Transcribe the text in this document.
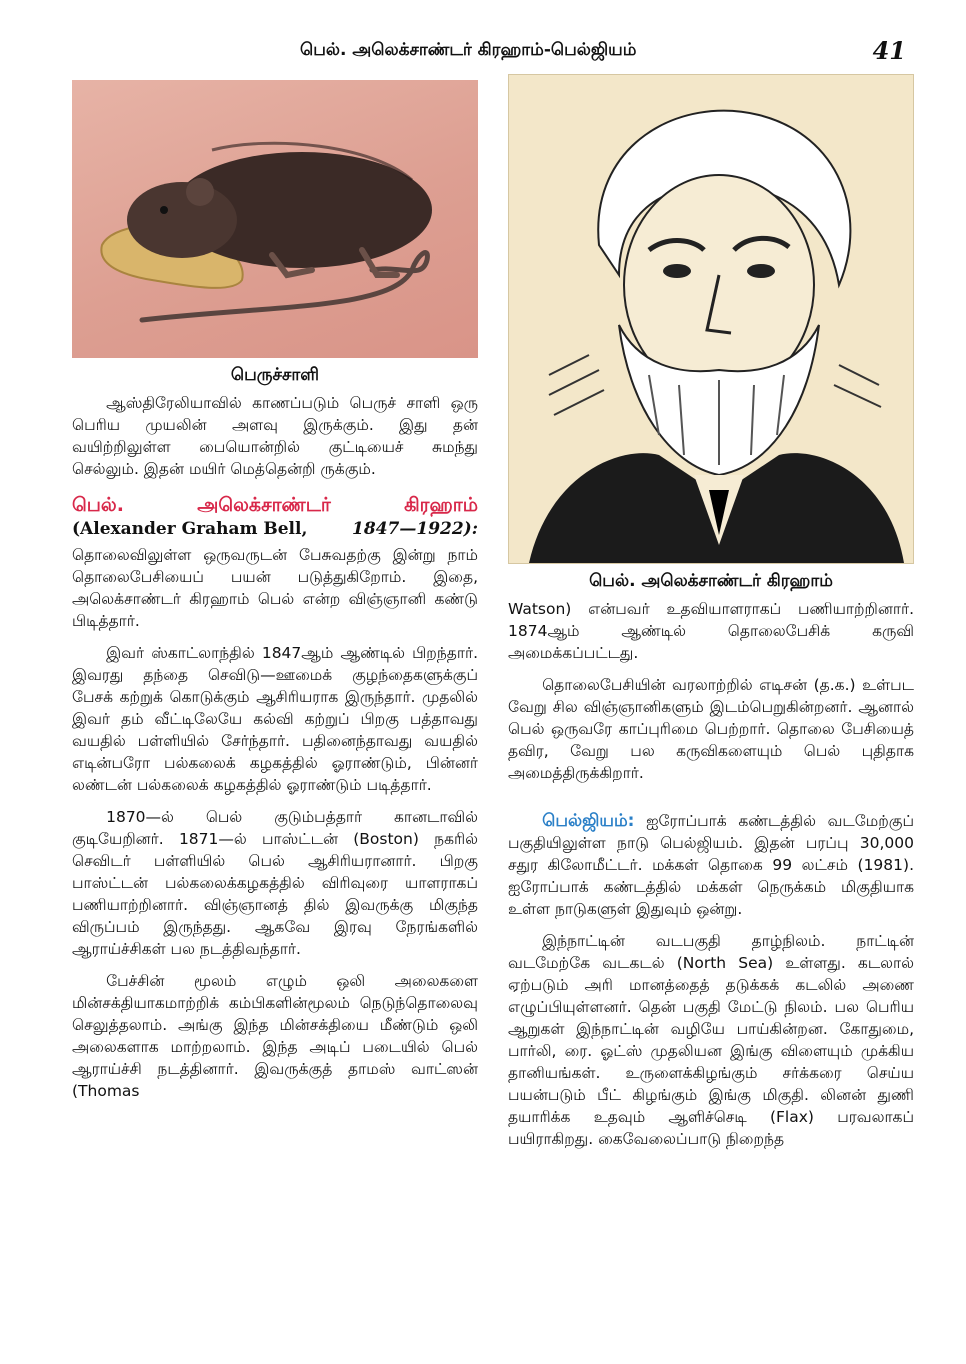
பெல். அலெக்சாண்டர் கிரஹாம்-பெல்ஜியம்	41
பெருச்சாளி

ஆஸ்திரேலியாவில் காணப்படும் பெருச் சாளி ஒரு பெரிய முயலின் அளவு இருக்கும். இது தன் வயிற்றிலுள்ள பையொன்றில் குட்டியைச் சுமந்து செல்லும். இதன் மயிர் மெத்தென்றி ருக்கும்.

பெல்.	அலெக்சாண்டர்	கிரஹாம்
(Alexander Graham Bell,	1847—1922):

தொலைவிலுள்ள ஒருவருடன் பேசுவதற்கு இன்று நாம் தொலைபேசியைப் பயன் படுத்துகிறோம். இதை, அலெக்சாண்டர் கிரஹாம் பெல் என்ற விஞ்ஞானி கண்டு பிடித்தார்.

இவர் ஸ்காட்லாந்தில் 1847ஆம் ஆண்டில் பிறந்தார். இவரது தந்தை செவிடு—ஊமைக் குழந்தைகளுக்குப் பேசக் கற்றுக் கொடுக்கும் ஆசிரியராக இருந்தார். முதலில் இவர் தம் வீட்டிலேயே கல்வி கற்றுப் பிறகு பத்தாவது வயதில் பள்ளியில் சேர்ந்தார். பதினைந்தாவது வயதில் எடின்பரோ பல்கலைக் கழகத்தில் ஓராண்டும், பின்னர் லண்டன் பல்கலைக் கழகத்தில் ஓராண்டும் படித்தார்.

1870—ல் பெல் குடும்பத்தார் கானடாவில் குடியேறினர். 1871—ல் பாஸ்ட்டன் (Boston) நகரில் செவிடர் பள்ளியில் பெல் ஆசிரியரானார். பிறகு பாஸ்ட்டன் பல்கலைக்கழகத்தில் விரிவுரை யாளராகப் பணியாற்றினார். விஞ்ஞானத் தில் இவருக்கு மிகுந்த விருப்பம் இருந்தது. ஆகவே இரவு நேரங்களில் ஆராய்ச்சிகள் பல நடத்திவந்தார்.

பேச்சின் மூலம் எழும் ஒலி அலைகளை மின்சக்தியாகமாற்றிக் கம்பிகளின்மூலம் நெடுந்தொலைவு செலுத்தலாம். அங்கு இந்த மின்சக்தியை மீண்டும் ஒலி அலைகளாக மாற்றலாம். இந்த அடிப் படையில் பெல் ஆராய்ச்சி நடத்தினார். இவருக்குத் தாமஸ் வாட்ஸன் (Thomas

பெல். அலெக்சாண்டர் கிரஹாம்

Watson) என்பவர் உதவியாளராகப் பணியாற்றினார். 1874ஆம் ஆண்டில் தொலைபேசிக் கருவி அமைக்கப்பட்டது.

தொலைபேசியின் வரலாற்றில் எடிசன் (த.க.) உள்பட வேறு சில விஞ்ஞானிகளும் இடம்பெறுகின்றனர். ஆனால் பெல் ஒருவரே காப்புரிமை பெற்றார். தொலை பேசியைத் தவிர, வேறு பல கருவிகளையும் பெல் புதிதாக அமைத்திருக்கிறார்.

பெல்ஜியம்: ஐரோப்பாக் கண்டத்தில் வடமேற்குப் பகுதியிலுள்ள நாடு பெல்ஜியம். இதன் பரப்பு 30,000 சதுர கிலோமீட்டர். மக்கள் தொகை 99 லட்சம் (1981). ஐரோப்பாக் கண்டத்தில் மக்கள் நெருக்கம் மிகுதியாக உள்ள நாடுகளுள் இதுவும் ஒன்று.

இந்நாட்டின் வடபகுதி தாழ்நிலம். நாட்டின் வடமேற்கே வடகடல் (North Sea) உள்ளது. கடலால் ஏற்படும் அரி மானத்தைத் தடுக்கக் கடலில் அணை எழுப்பியுள்ளனர். தென் பகுதி மேட்டு நிலம். பல பெரிய ஆறுகள் இந்நாட்டின் வழியே பாய்கின்றன. கோதுமை, பார்லி, ரை. ஓட்ஸ் முதலியன இங்கு விளையும் முக்கிய தானியங்கள். உருளைக்கிழங்கும் சர்க்கரை செய்ய பயன்படும் பீட் கிழங்கும் இங்கு மிகுதி. லினன் துணி தயாரிக்க உதவும் ஆளிச்செடி (Flax) பரவலாகப் பயிராகிறது. கைவேலைப்பாடு நிறைந்த
